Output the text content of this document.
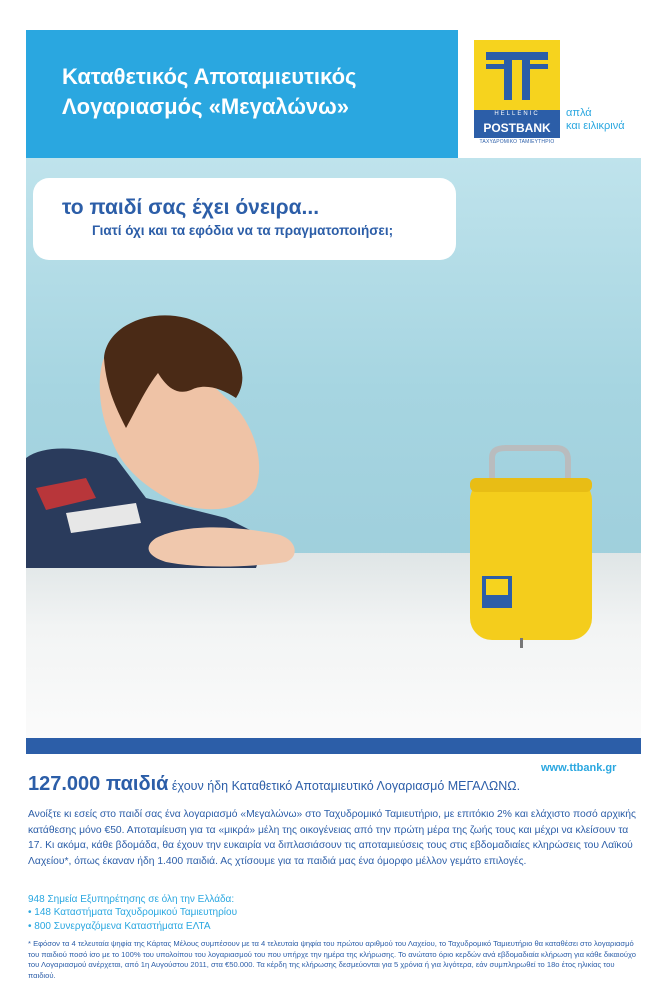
Καταθετικός Αποταμιευτικός Λογαριασμός «Μεγαλώνω»	HELLENIC
POSTBANK
ΤΑΧΥΔΡΟΜΙΚΟ ΤΑΜΙΕΥΤΗΡΙΟ
απλά
και ειλικρινά
το παιδί σας έχει όνειρα...
Γιατί όχι και τα εφόδια να τα πραγματοποιήσει;
www.ttbank.gr
127.000 παιδιά έχουν ήδη Καταθετικό Αποταμιευτικό Λογαριασμό ΜΕΓΑΛΩΝΩ.
Ανοίξτε κι εσείς στο παιδί σας ένα λογαριασμό «Μεγαλώνω» στο Ταχυδρομικό Ταμιευτήριο, με επιτόκιο 2% και ελάχιστο ποσό αρχικής κατάθεσης μόνο €50. Αποταμίευση για τα «μικρά» μέλη της οικογένειας από την πρώτη μέρα της ζωής τους και μέχρι να κλείσουν τα 17. Κι ακόμα, κάθε βδομάδα, θα έχουν την ευκαιρία να διπλασιάσουν τις αποταμιεύσεις τους στις εβδομαδιαίες κληρώσεις του Λαϊκού Λαχείου*, όπως έκαναν ήδη 1.400 παιδιά. Ας χτίσουμε για τα παιδιά μας ένα όμορφο μέλλον γεμάτο επιλογές.
948 Σημεία Εξυπηρέτησης σε όλη την Ελλάδα:
• 148 Καταστήματα Ταχυδρομικού Ταμιευτηρίου
• 800 Συνεργαζόμενα Καταστήματα ΕΛΤΑ
* Εφόσον τα 4 τελευταία ψηφία της Κάρτας Μέλους συμπέσουν με τα 4 τελευταία ψηφία του πρώτου αριθμού του Λαχείου, το Ταχυδρομικό Ταμιευτήριο θα καταθέσει στο λογαριασμό του παιδιού ποσό ίσο με το 100% του υπολοίπου του λογαριασμού του που υπήρχε την ημέρα της κλήρωσης. Το ανώτατο όριο κερδών ανά εβδομαδιαία κλήρωση για κάθε δικαιούχο του Λογαριασμού ανέρχεται, από 1η Αυγούστου 2011, στα €50.000. Τα κέρδη της κλήρωσης δεσμεύονται για 5 χρόνια ή για λιγότερα, εάν συμπληρωθεί το 18ο έτος ηλικίας του παιδιού.
